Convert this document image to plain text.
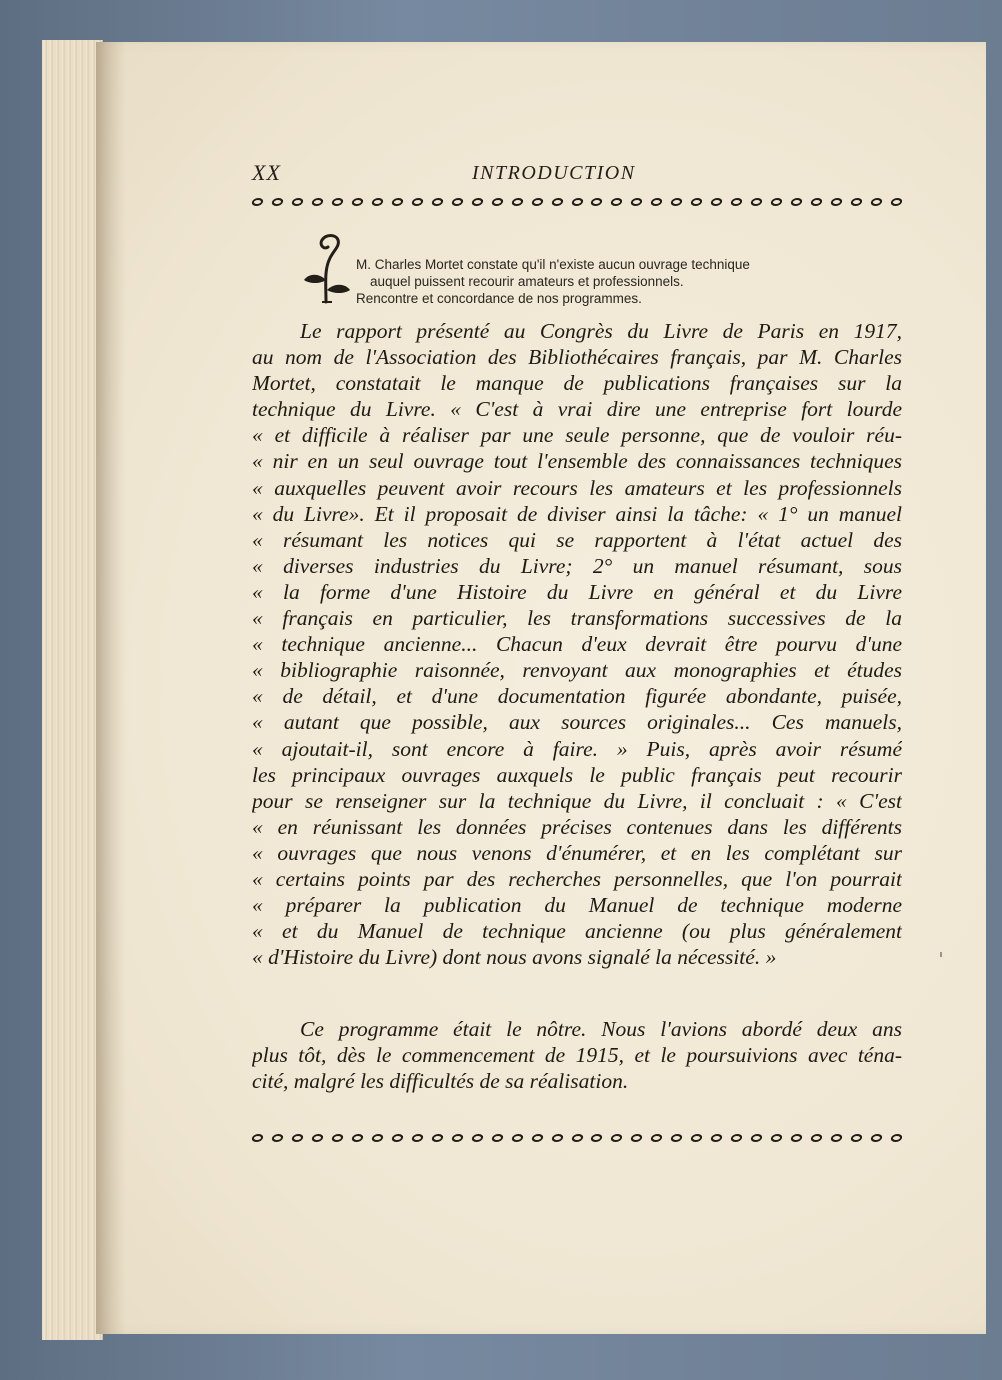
XX	INTRODUCTION
M. Charles Mortet constate qu'il n'existe aucun ouvrage technique
auquel puissent recourir amateurs et professionnels.
Rencontre et concordance de nos programmes.
Le rapport présenté au Congrès du Livre de Paris en 1917,
au nom de l'Association des Bibliothécaires français, par M. Charles
Mortet, constatait le manque de publications françaises sur la
technique du Livre. « C'est à vrai dire une entreprise fort lourde
« et difficile à réaliser par une seule personne, que de vouloir réu-
« nir en un seul ouvrage tout l'ensemble des connaissances techniques
« auxquelles peuvent avoir recours les amateurs et les professionnels
« du Livre». Et il proposait de diviser ainsi la tâche: « 1° un manuel
« résumant les notices qui se rapportent à l'état actuel des
« diverses industries du Livre; 2° un manuel résumant, sous
« la forme d'une Histoire du Livre en général et du Livre
« français en particulier, les transformations successives de la
« technique ancienne... Chacun d'eux devrait être pourvu d'une
« bibliographie raisonnée, renvoyant aux monographies et études
« de détail, et d'une documentation figurée abondante, puisée,
« autant que possible, aux sources originales... Ces manuels,
« ajoutait-il, sont encore à faire. » Puis, après avoir résumé
les principaux ouvrages auxquels le public français peut recourir
pour se renseigner sur la technique du Livre, il concluait : « C'est
« en réunissant les données précises contenues dans les différents
« ouvrages que nous venons d'énumérer, et en les complétant sur
« certains points par des recherches personnelles, que l'on pourrait
« préparer la publication du Manuel de technique moderne
« et du Manuel de technique ancienne (ou plus généralement
« d'Histoire du Livre) dont nous avons signalé la nécessité. »
Ce programme était le nôtre. Nous l'avions abordé deux ans
plus tôt, dès le commencement de 1915, et le poursuivions avec téna-
cité, malgré les difficultés de sa réalisation.
